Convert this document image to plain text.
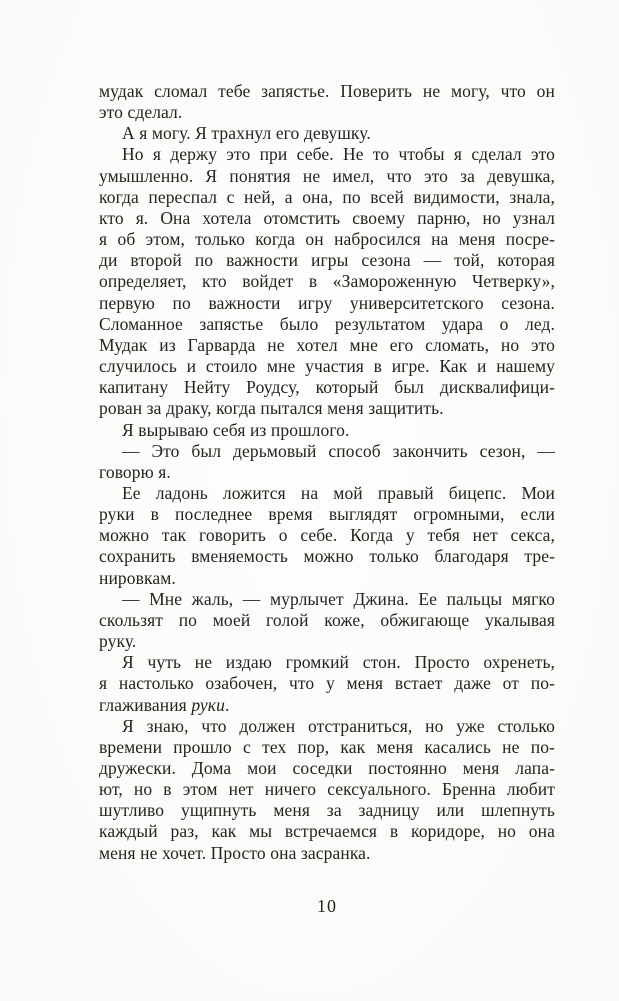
мудак сломал тебе запястье. Поверить не могу, что он
это сделал.
А я могу. Я трахнул его девушку.
Но я держу это при себе. Не то чтобы я сделал это
умышленно. Я понятия не имел, что это за девушка,
когда переспал с ней, а она, по всей видимости, знала,
кто я. Она хотела отомстить своему парню, но узнал
я об этом, только когда он набросился на меня посре-
ди второй по важности игры сезона — той, которая
определяет, кто войдет в «Замороженную Четверку»,
первую по важности игру университетского сезона.
Сломанное запястье было результатом удара о лед.
Мудак из Гарварда не хотел мне его сломать, но это
случилось и стоило мне участия в игре. Как и нашему
капитану Нейту Роудсу, который был дисквалифици-
рован за драку, когда пытался меня защитить.
Я вырываю себя из прошлого.
— Это был дерьмовый способ закончить сезон, —
говорю я.
Ее ладонь ложится на мой правый бицепс. Мои
руки в последнее время выглядят огромными, если
можно так говорить о себе. Когда у тебя нет секса,
сохранить вменяемость можно только благодаря тре-
нировкам.
— Мне жаль, — мурлычет Джина. Ее пальцы мягко
скользят по моей голой коже, обжигающе укалывая
руку.
Я чуть не издаю громкий стон. Просто охренеть,
я настолько озабочен, что у меня встает даже от по-
глаживания руки.
Я знаю, что должен отстраниться, но уже столько
времени прошло с тех пор, как меня касались не по-
дружески. Дома мои соседки постоянно меня лапа-
ют, но в этом нет ничего сексуального. Бренна любит
шутливо ущипнуть меня за задницу или шлепнуть
каждый раз, как мы встречаемся в коридоре, но она
меня не хочет. Просто она засранка.
10
